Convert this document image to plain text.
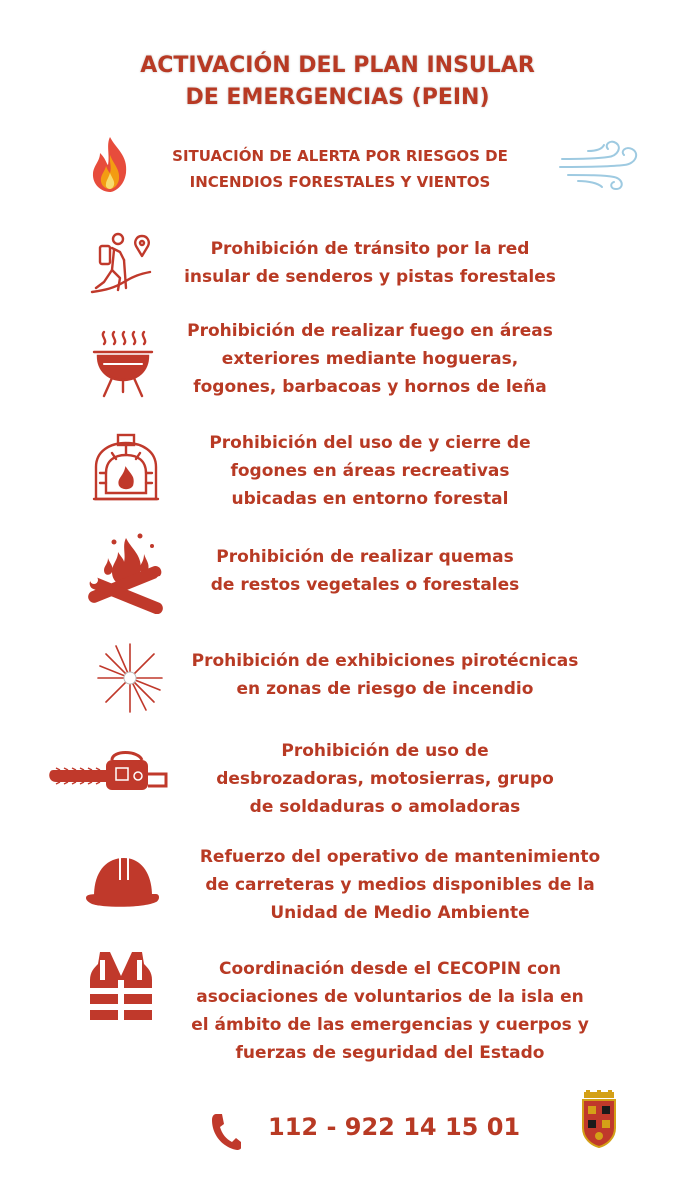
ACTIVACIÓN DEL PLAN INSULAR
DE EMERGENCIAS (PEIN)
SITUACIÓN DE ALERTA POR RIESGOS DE
INCENDIOS FORESTALES Y VIENTOS
Prohibición de tránsito por la red
insular de senderos y pistas forestales
Prohibición de realizar fuego en áreas
exteriores mediante hogueras,
fogones, barbacoas y hornos de leña
Prohibición del uso de y cierre de
fogones en áreas recreativas
ubicadas en entorno forestal
Prohibición de realizar quemas
de restos vegetales o forestales
Prohibición de exhibiciones pirotécnicas
en zonas de riesgo de incendio
Prohibición de uso de
desbrozadoras, motosierras, grupo
de soldaduras o amoladoras
Refuerzo del operativo de mantenimiento
de carreteras y medios disponibles de la
Unidad de Medio Ambiente
Coordinación desde el CECOPIN con
asociaciones de voluntarios de la isla en
el ámbito de las emergencias y cuerpos y
fuerzas de seguridad del Estado
112 - 922 14 15 01
